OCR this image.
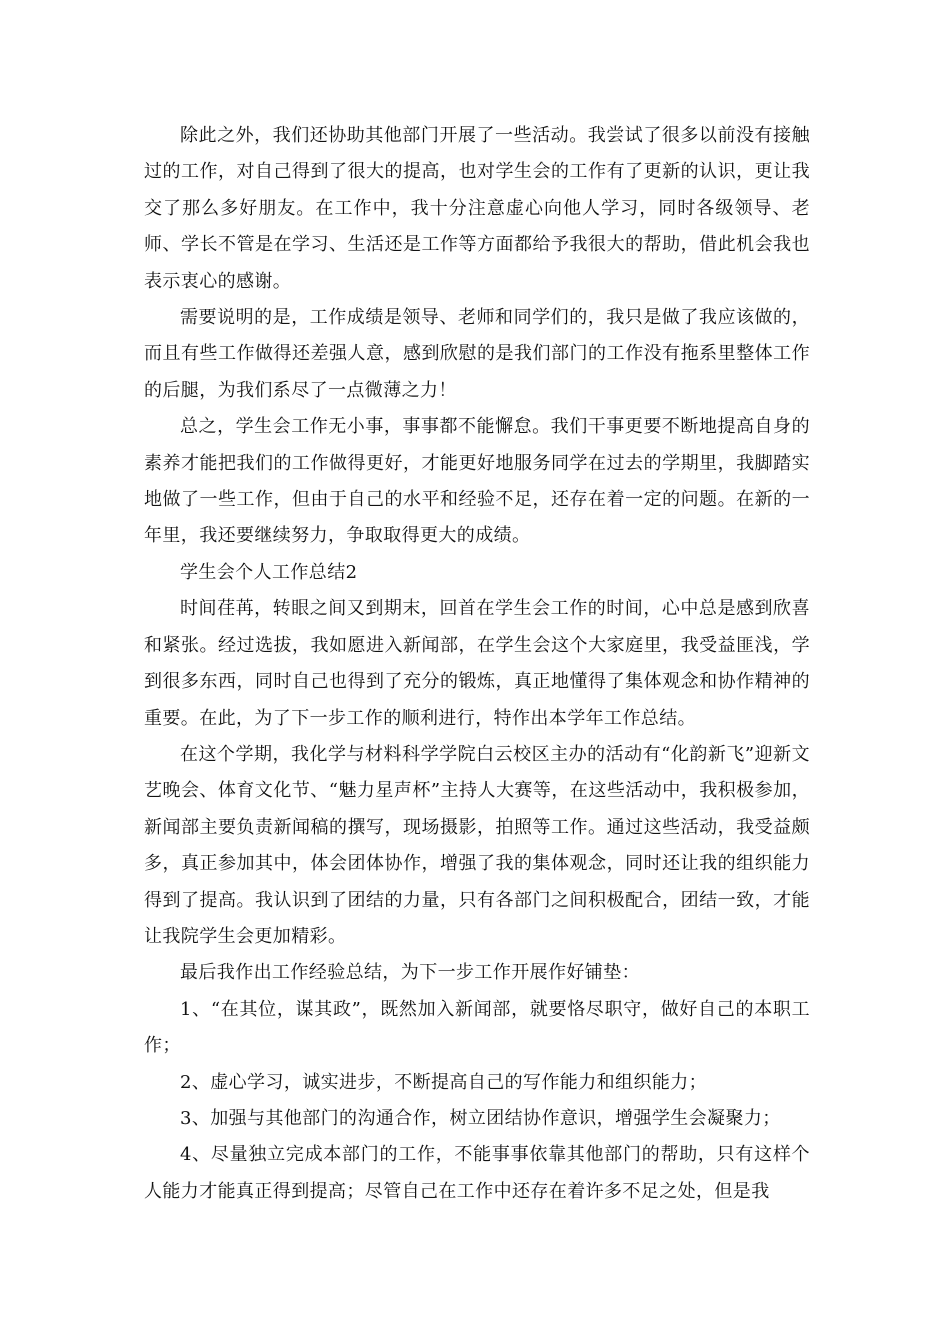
除此之外，我们还协助其他部门开展了一些活动。我尝试了很多以前没有接触过的工作，对自己得到了很大的提高，也对学生会的工作有了更新的认识，更让我交了那么多好朋友。在工作中，我十分注意虚心向他人学习，同时各级领导、老师、学长不管是在学习、生活还是工作等方面都给予我很大的帮助，借此机会我也表示衷心的感谢。

需要说明的是，工作成绩是领导、老师和同学们的，我只是做了我应该做的，而且有些工作做得还差强人意，感到欣慰的是我们部门的工作没有拖系里整体工作的后腿，为我们系尽了一点微薄之力！

总之，学生会工作无小事，事事都不能懈怠。我们干事更要不断地提高自身的素养才能把我们的工作做得更好，才能更好地服务同学在过去的学期里，我脚踏实地做了一些工作，但由于自己的水平和经验不足，还存在着一定的问题。在新的一年里，我还要继续努力，争取取得更大的成绩。

学生会个人工作总结2

时间荏苒，转眼之间又到期末，回首在学生会工作的时间，心中总是感到欣喜和紧张。经过选拔，我如愿进入新闻部，在学生会这个大家庭里，我受益匪浅，学到很多东西，同时自己也得到了充分的锻炼，真正地懂得了集体观念和协作精神的重要。在此，为了下一步工作的顺利进行，特作出本学年工作总结。

在这个学期，我化学与材料科学学院白云校区主办的活动有“化韵新飞”迎新文艺晚会、体育文化节、“魅力星声杯”主持人大赛等，在这些活动中，我积极参加，新闻部主要负责新闻稿的撰写，现场摄影，拍照等工作。通过这些活动，我受益颇多，真正参加其中，体会团体协作，增强了我的集体观念，同时还让我的组织能力得到了提高。我认识到了团结的力量，只有各部门之间积极配合，团结一致，才能让我院学生会更加精彩。

最后我作出工作经验总结，为下一步工作开展作好铺垫：

1、“在其位，谋其政”，既然加入新闻部，就要恪尽职守，做好自己的本职工作；

2、虚心学习，诚实进步，不断提高自己的写作能力和组织能力；

3、加强与其他部门的沟通合作，树立团结协作意识，增强学生会凝聚力；

4、尽量独立完成本部门的工作，不能事事依靠其他部门的帮助，只有这样个人能力才能真正得到提高；尽管自己在工作中还存在着许多不足之处，但是我
